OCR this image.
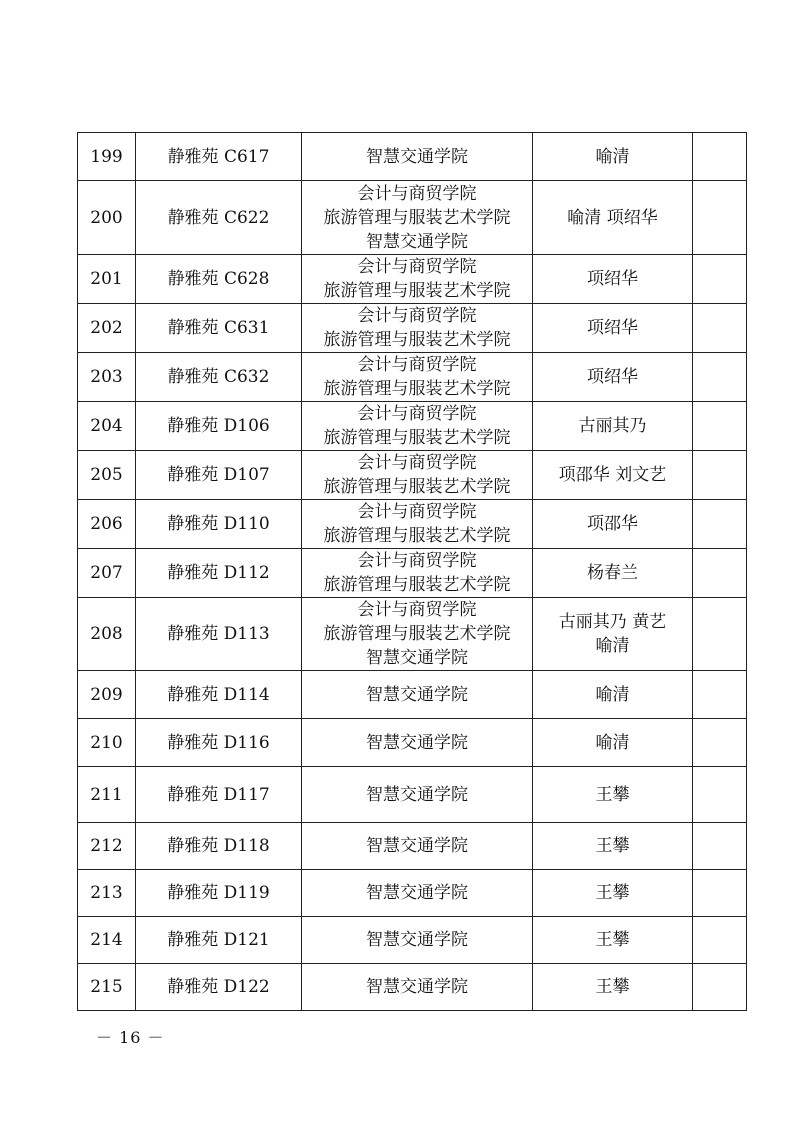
199	静雅苑 C617	智慧交通学院	喻清	

200	静雅苑 C622	会计与商贸学院
旅游管理与服装艺术学院
智慧交通学院	喻清 项绍华	

201	静雅苑 C628	会计与商贸学院
旅游管理与服装艺术学院	项绍华	

202	静雅苑 C631	会计与商贸学院
旅游管理与服装艺术学院	项绍华	

203	静雅苑 C632	会计与商贸学院
旅游管理与服装艺术学院	项绍华	

204	静雅苑 D106	会计与商贸学院
旅游管理与服装艺术学院	古丽其乃	

205	静雅苑 D107	会计与商贸学院
旅游管理与服装艺术学院	项邵华 刘文艺	

206	静雅苑 D110	会计与商贸学院
旅游管理与服装艺术学院	项邵华	

207	静雅苑 D112	会计与商贸学院
旅游管理与服装艺术学院	杨春兰	

208	静雅苑 D113	会计与商贸学院
旅游管理与服装艺术学院
智慧交通学院	古丽其乃 黄艺
喻清	

209	静雅苑 D114	智慧交通学院	喻清	

210	静雅苑 D116	智慧交通学院	喻清	

211	静雅苑 D117	智慧交通学院	王攀	

212	静雅苑 D118	智慧交通学院	王攀	

213	静雅苑 D119	智慧交通学院	王攀	

214	静雅苑 D121	智慧交通学院	王攀	

215	静雅苑 D122	智慧交通学院	王攀	

－ 16 －
